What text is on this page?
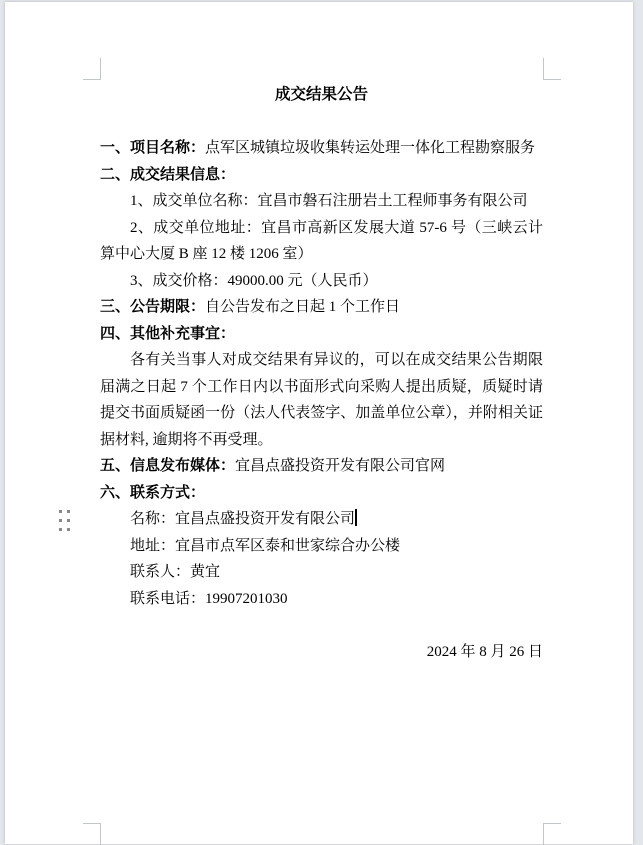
成交结果公告

一、项目名称：点军区城镇垃圾收集转运处理一体化工程勘察服务

二、成交结果信息：

1、成交单位名称：宜昌市磐石注册岩土工程师事务有限公司

2、成交单位地址：宜昌市高新区发展大道 57-6 号（三峡云计算中心大厦 B 座 12 楼 1206 室）

3、成交价格：49000.00 元（人民币）

三、公告期限：自公告发布之日起 1 个工作日

四、其他补充事宜：

各有关当事人对成交结果有异议的，可以在成交结果公告期限届满之日起 7 个工作日内以书面形式向采购人提出质疑，质疑时请提交书面质疑函一份（法人代表签字、加盖单位公章），并附相关证据材料, 逾期将不再受理。

五、信息发布媒体：宜昌点盛投资开发有限公司官网

六、联系方式：

名称：宜昌点盛投资开发有限公司

地址：宜昌市点军区泰和世家综合办公楼

联系人：黄宜

联系电话：19907201030

2024 年 8 月 26 日
